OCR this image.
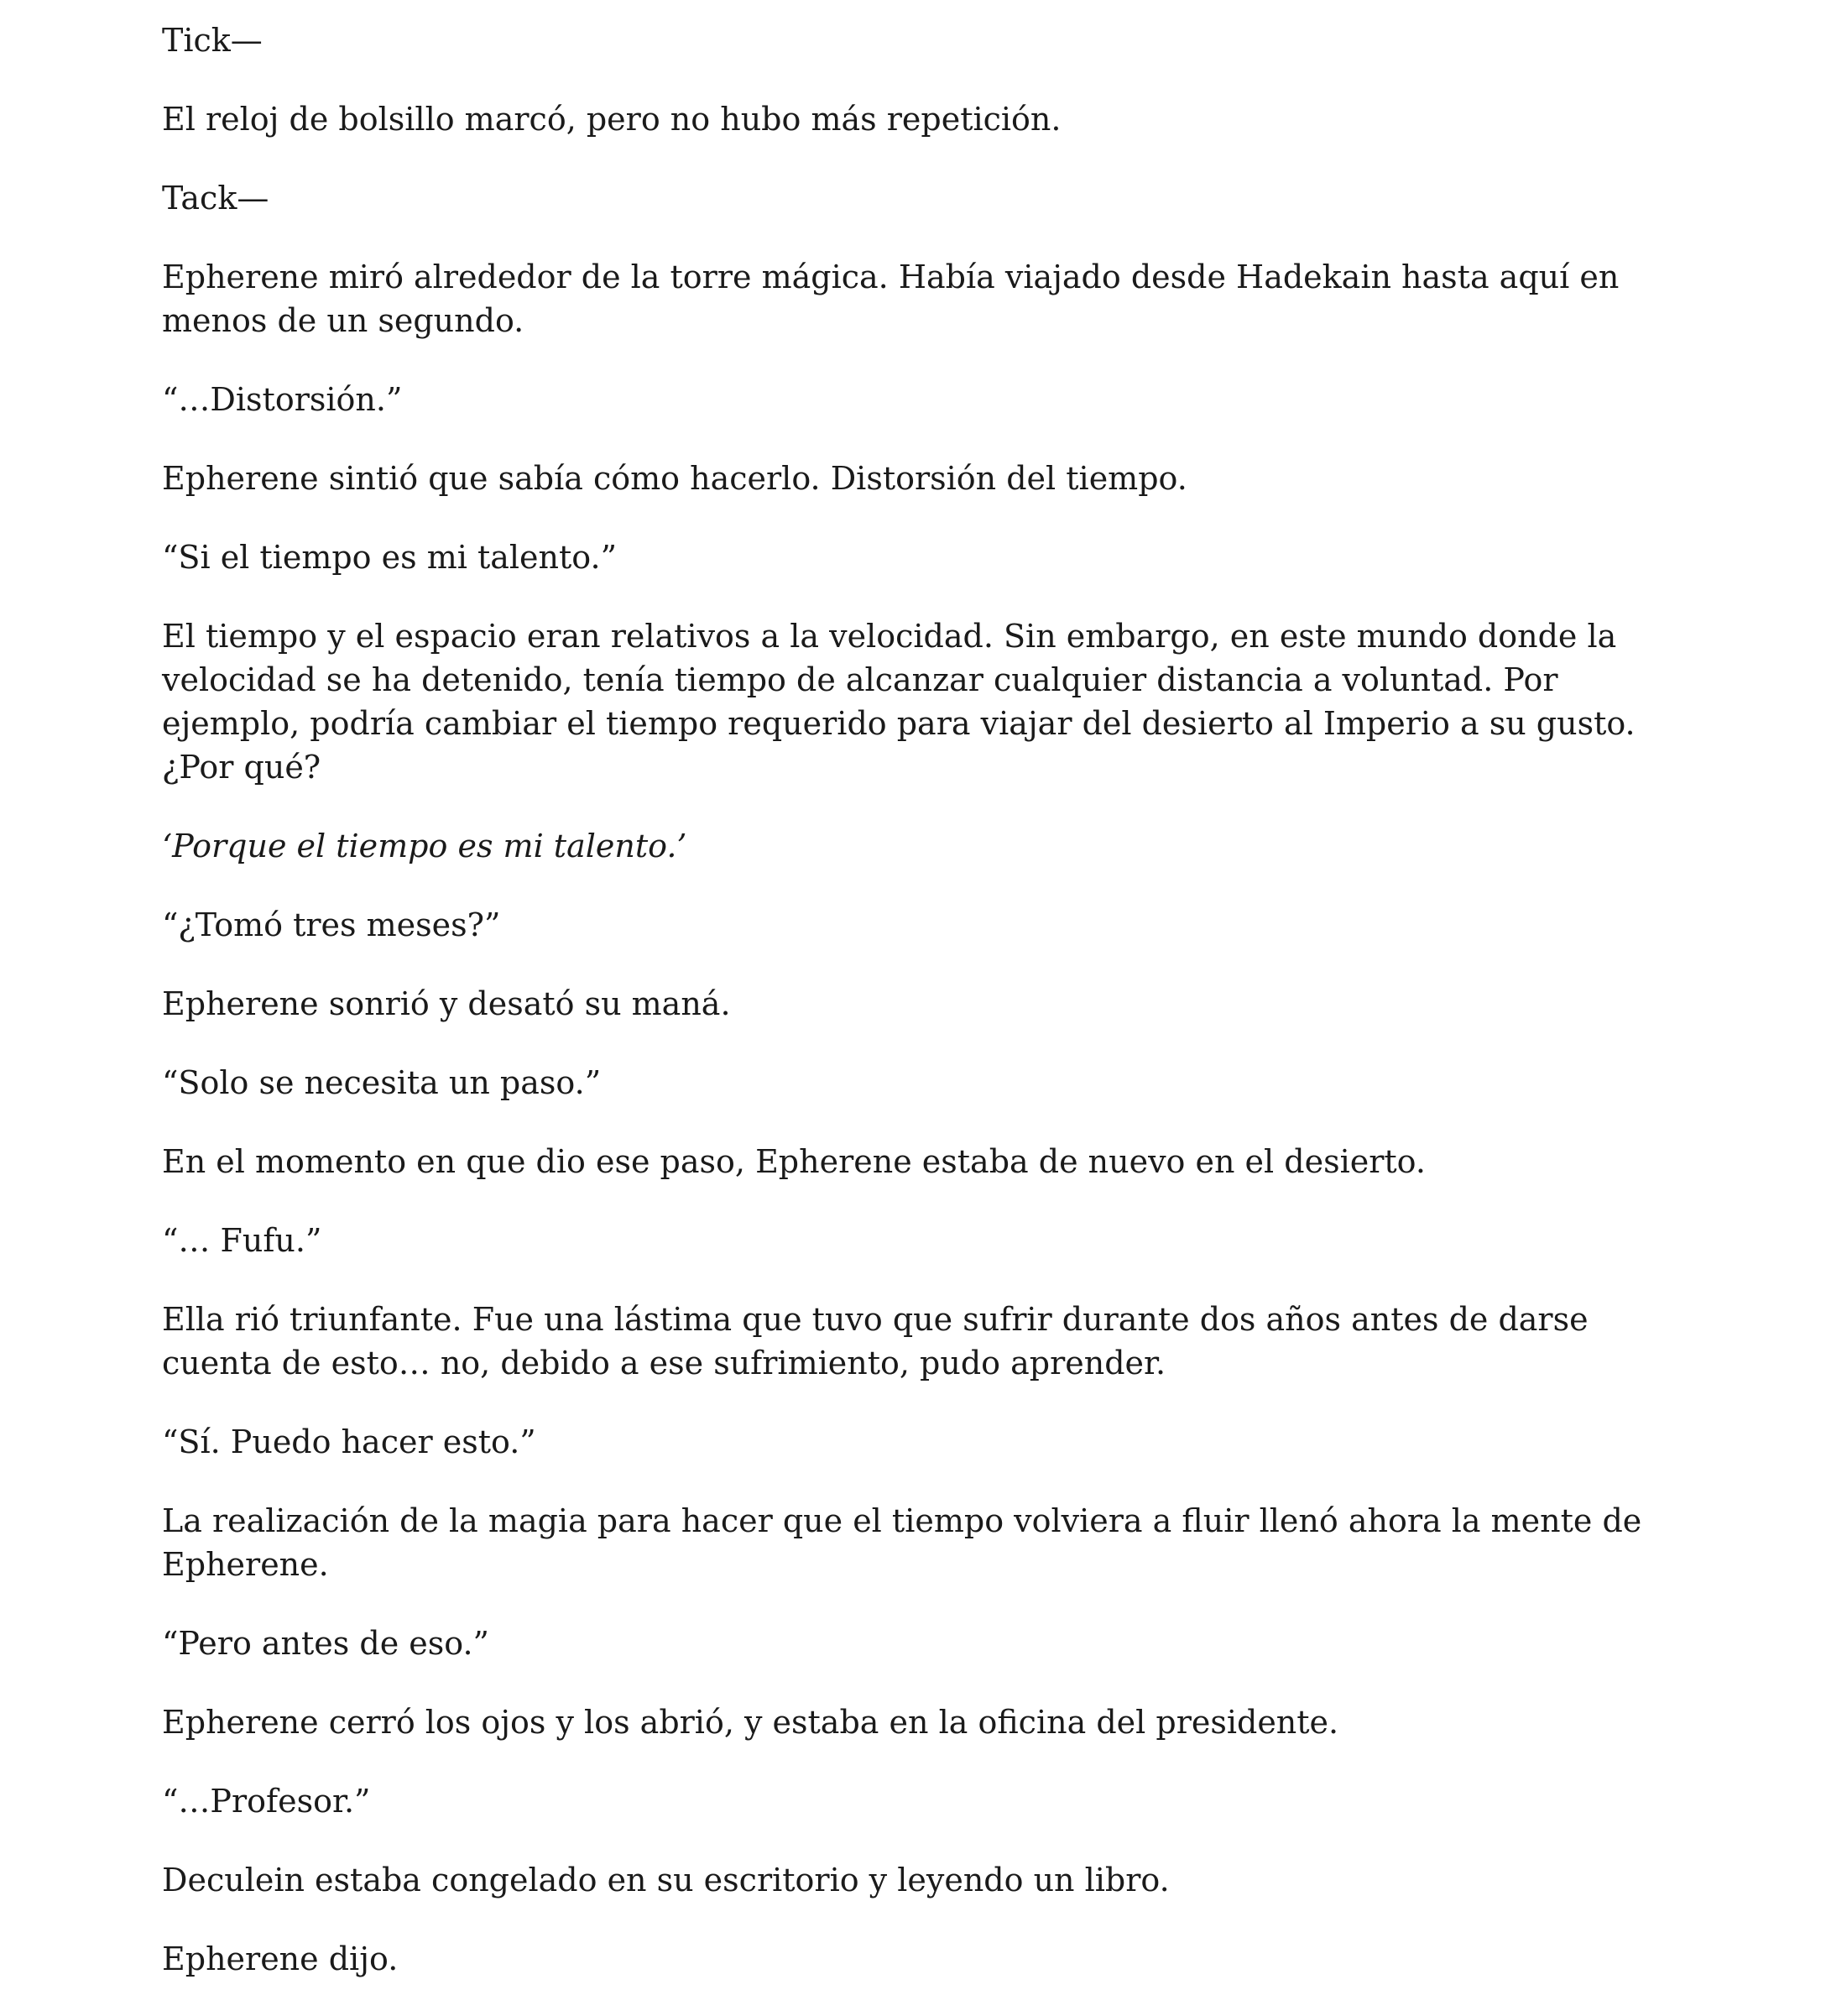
Tick—

El reloj de bolsillo marcó, pero no hubo más repetición.

Tack—

Epherene miró alrededor de la torre mágica. Había viajado desde Hadekain hasta aquí en menos de un segundo.

“…Distorsión.”

Epherene sintió que sabía cómo hacerlo. Distorsión del tiempo.

“Si el tiempo es mi talento.”

El tiempo y el espacio eran relativos a la velocidad. Sin embargo, en este mundo donde la velocidad se ha detenido, tenía tiempo de alcanzar cualquier distancia a voluntad. Por ejemplo, podría cambiar el tiempo requerido para viajar del desierto al Imperio a su gusto. ¿Por qué?

‘Porque el tiempo es mi talento.’

“¿Tomó tres meses?”

Epherene sonrió y desató su maná.

“Solo se necesita un paso.”

En el momento en que dio ese paso, Epherene estaba de nuevo en el desierto.

“… Fufu.”

Ella rió triunfante. Fue una lástima que tuvo que sufrir durante dos años antes de darse cuenta de esto… no, debido a ese sufrimiento, pudo aprender.

“Sí. Puedo hacer esto.”

La realización de la magia para hacer que el tiempo volviera a fluir llenó ahora la mente de Epherene.

“Pero antes de eso.”

Epherene cerró los ojos y los abrió, y estaba en la oficina del presidente.

“…Profesor.”

Deculein estaba congelado en su escritorio y leyendo un libro.

Epherene dijo.
